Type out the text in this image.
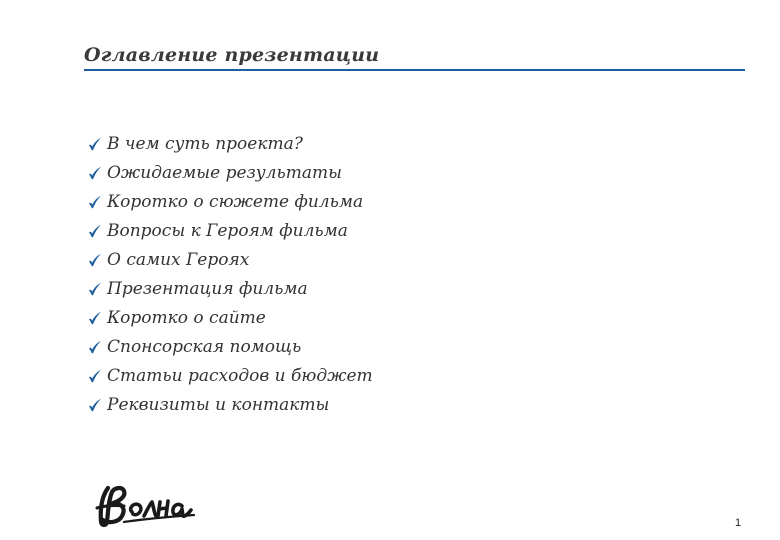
Оглавление презентации
В чем суть проекта?
Ожидаемые результаты
Коротко о сюжете фильма
Вопросы к Героям фильма
О самих Героях
Презентация фильма
Коротко о сайте
Спонсорская помощь
Статьи расходов и бюджет
Реквизиты и контакты
1
